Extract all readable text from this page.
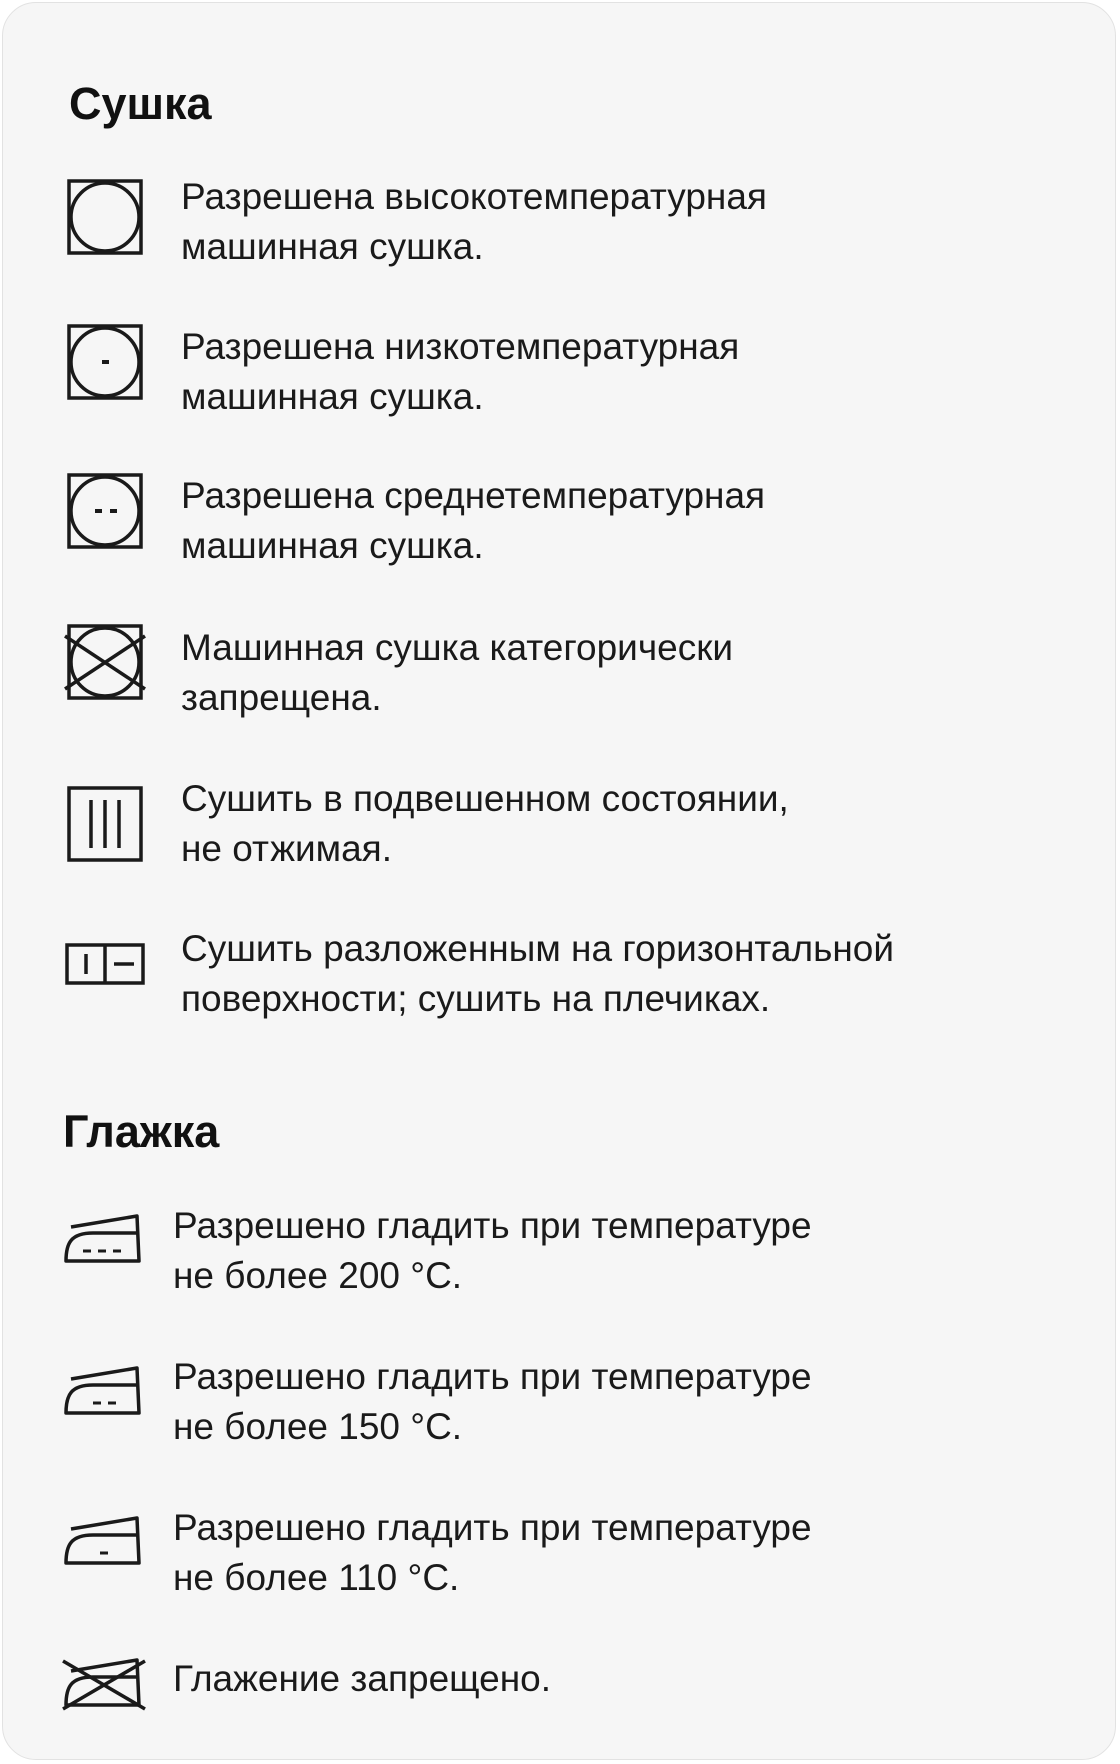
Сушка

Разрешена высокотемпературная
машинная сушка.

Разрешена низкотемпературная
машинная сушка.

Разрешена среднетемпературная
машинная сушка.

Машинная сушка категорически
запрещена.

Сушить в подвешенном состоянии,
не отжимая.

Сушить разложенным на горизонтальной
поверхности; сушить на плечиках.

Глажка

Разрешено гладить при температуре
не более 200 °С.

Разрешено гладить при температуре
не более 150 °С.

Разрешено гладить при температуре
не более 110 °С.

Глажение запрещено.
